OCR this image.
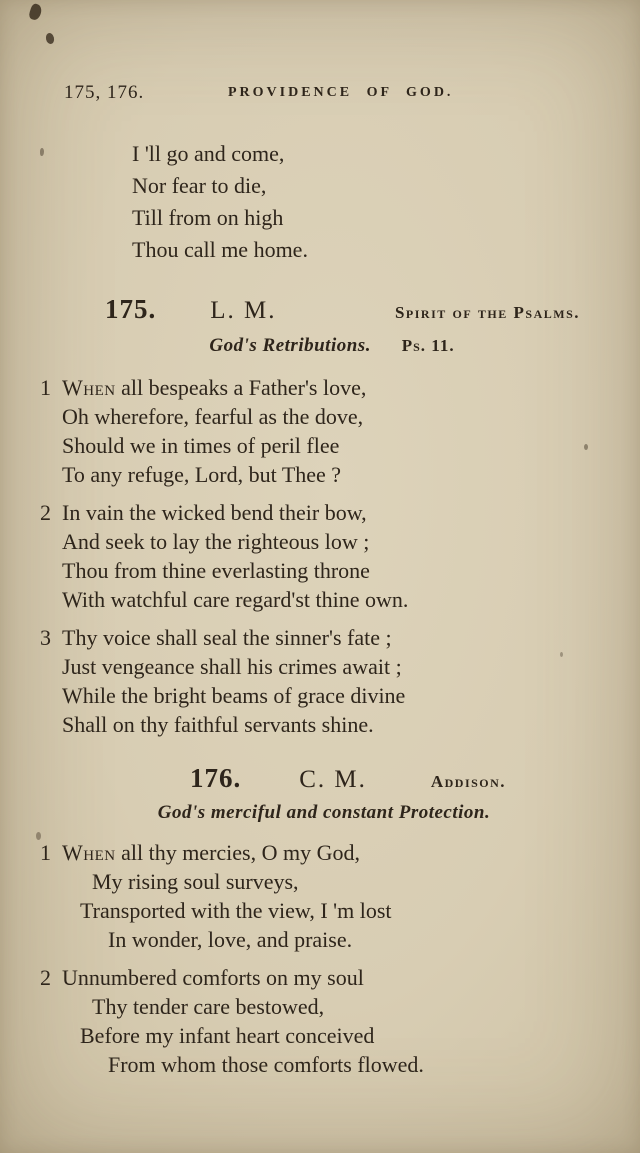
175, 176.	PROVIDENCE OF GOD.
I 'll go and come,
Nor fear to die,
Till from on high
Thou call me home.
175. L. M.	Spirit of the Psalms.
God's Retributions. Ps. 11.
1 When all bespeaks a Father's love,
Oh wherefore, fearful as the dove,
Should we in times of peril flee
To any refuge, Lord, but Thee ?
2 In vain the wicked bend their bow,
And seek to lay the righteous low ;
Thou from thine everlasting throne
With watchful care regard'st thine own.
3 Thy voice shall seal the sinner's fate ;
Just vengeance shall his crimes await ;
While the bright beams of grace divine
Shall on thy faithful servants shine.
176. C. M.	Addison.
God's merciful and constant Protection.
1 When all thy mercies, O my God,
My rising soul surveys,
Transported with the view, I 'm lost
In wonder, love, and praise.
2 Unnumbered comforts on my soul
Thy tender care bestowed,
Before my infant heart conceived
From whom those comforts flowed.
